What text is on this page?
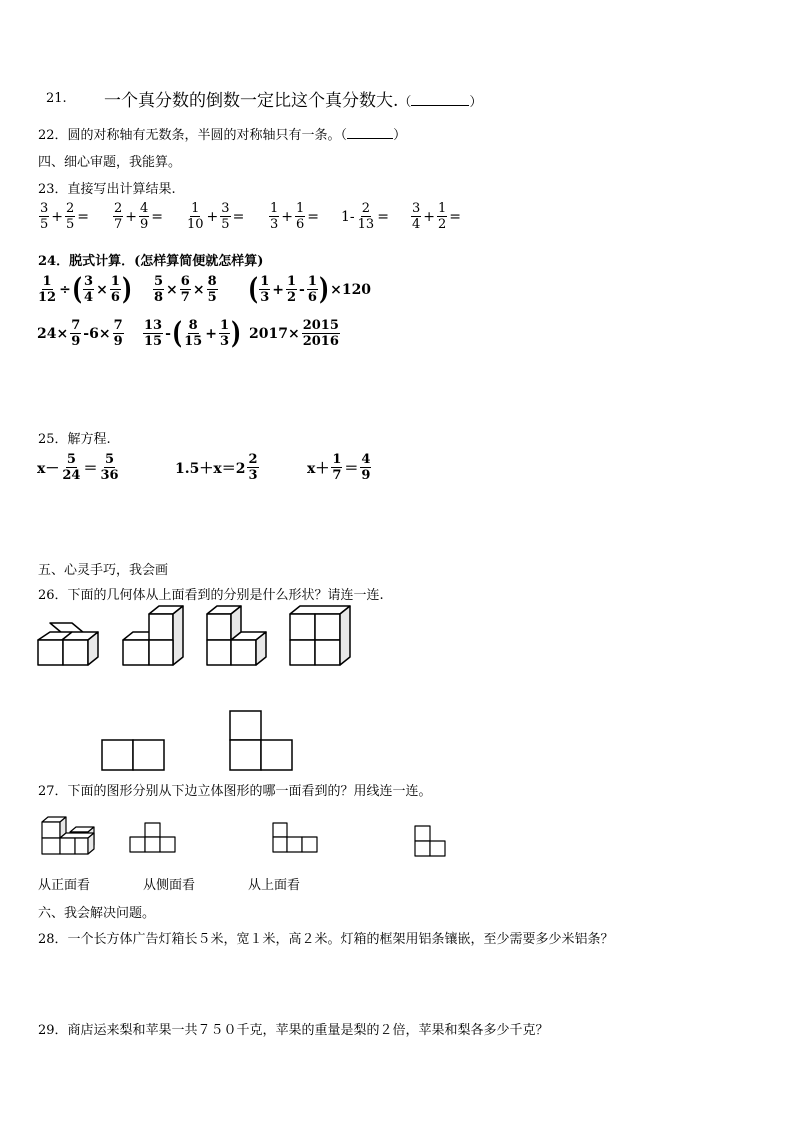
21. 一个真分数的倒数一定比这个真分数大.（	）
22．圆的对称轴有无数条，半圆的对称轴只有一条。（	）
四、细心审题，我能算。
23．直接写出计算结果.
$\frac{3}{5} + \frac{2}{5} = \frac{2}{7} + \frac{4}{9} = \frac{1}{10} + \frac{3}{5} = \frac{1}{3} + \frac{1}{6} = 1- \frac{2}{13} = \frac{3}{4} + \frac{1}{2}$ =
24．脱式计算．(怎样算简便就怎样算)
$\frac{1}{12}$ ÷ ( $\frac{3}{4} \times \frac{1}{6}$ ) $\frac{5}{8} \times \frac{6}{7} \times \frac{8}{5}$ ( $\frac{1}{3} + \frac{1}{2} - \frac{1}{6}$ ) ×120
$24\times \frac{7}{9} -6\times \frac{7}{9} \frac{13}{15}$ - ( $\frac{8}{15} + \frac{1}{3}$ ) $2017\times \frac{2015}{2016}$
25．解方程.
$x- \frac{5}{24} = \frac{5}{36}$	$1.5+x=2 \frac{2}{3}$	$x+ \frac{1}{7} = \frac{4}{9}$
五、心灵手巧，我会画
26．下面的几何体从上面看到的分别是什么形状？请连一连.
27．下面的图形分别从下边立体图形的哪一面看到的？用线连一连。
从正面看	从侧面看	从上面看
六、我会解决问题。
28．一个长方体广告灯箱长５米，宽１米，高２米。灯箱的框架用铝条镶嵌，至少需要多少米铝条？
29．商店运来梨和苹果一共７５０千克，苹果的重量是梨的２倍，苹果和梨各多少千克？
